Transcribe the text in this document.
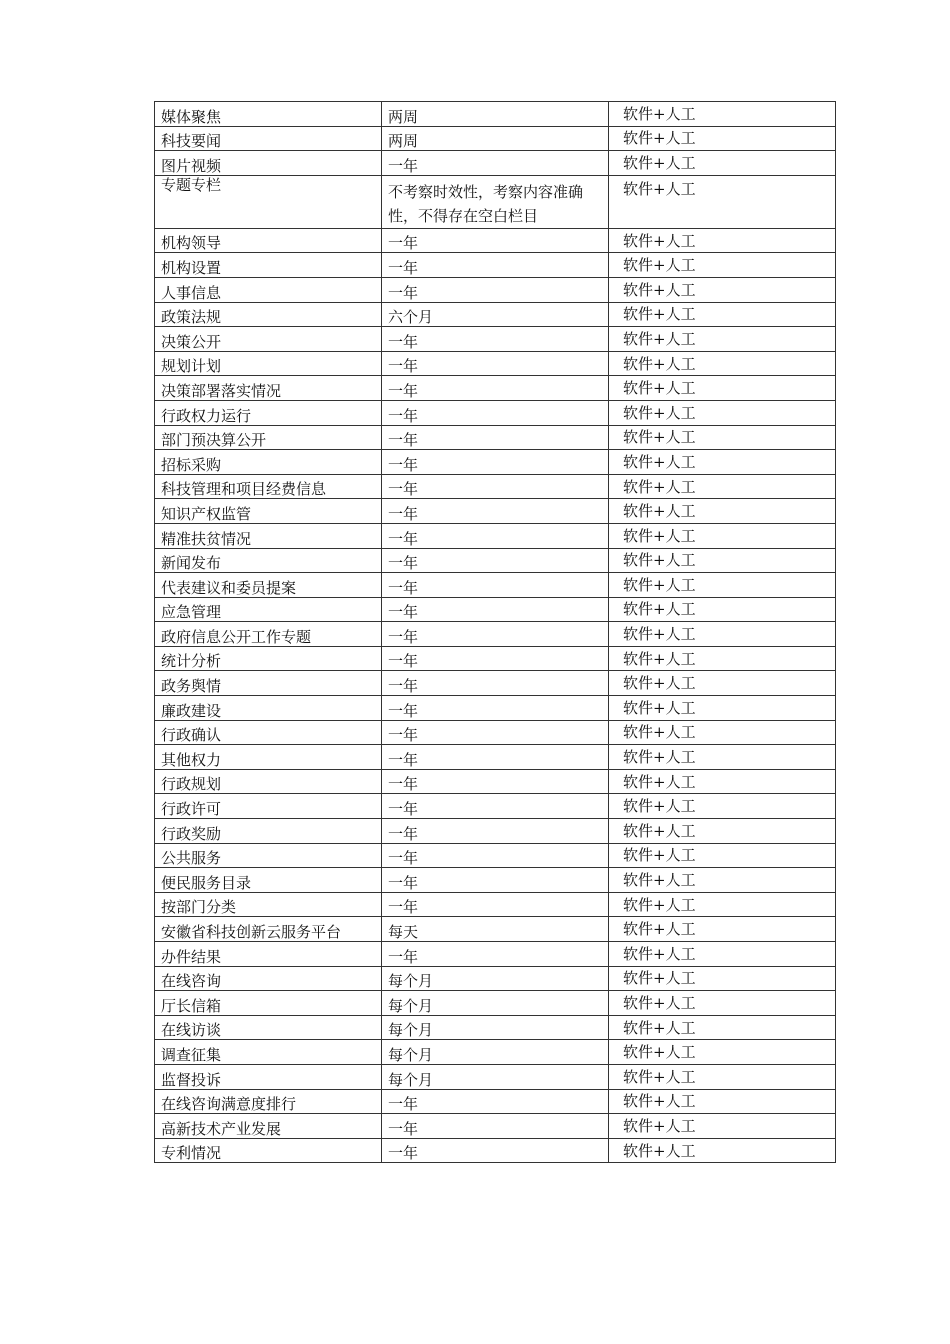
媒体聚焦	两周	软件+人工
科技要闻	两周	软件+人工
图片视频	一年	软件+人工
专题专栏	不考察时效性，考察内容准确性，不得存在空白栏目	软件+人工
机构领导	一年	软件+人工
机构设置	一年	软件+人工
人事信息	一年	软件+人工
政策法规	六个月	软件+人工
决策公开	一年	软件+人工
规划计划	一年	软件+人工
决策部署落实情况	一年	软件+人工
行政权力运行	一年	软件+人工
部门预决算公开	一年	软件+人工
招标采购	一年	软件+人工
科技管理和项目经费信息	一年	软件+人工
知识产权监管	一年	软件+人工
精准扶贫情况	一年	软件+人工
新闻发布	一年	软件+人工
代表建议和委员提案	一年	软件+人工
应急管理	一年	软件+人工
政府信息公开工作专题	一年	软件+人工
统计分析	一年	软件+人工
政务舆情	一年	软件+人工
廉政建设	一年	软件+人工
行政确认	一年	软件+人工
其他权力	一年	软件+人工
行政规划	一年	软件+人工
行政许可	一年	软件+人工
行政奖励	一年	软件+人工
公共服务	一年	软件+人工
便民服务目录	一年	软件+人工
按部门分类	一年	软件+人工
安徽省科技创新云服务平台	每天	软件+人工
办件结果	一年	软件+人工
在线咨询	每个月	软件+人工
厅长信箱	每个月	软件+人工
在线访谈	每个月	软件+人工
调查征集	每个月	软件+人工
监督投诉	每个月	软件+人工
在线咨询满意度排行	一年	软件+人工
高新技术产业发展	一年	软件+人工
专利情况	一年	软件+人工
